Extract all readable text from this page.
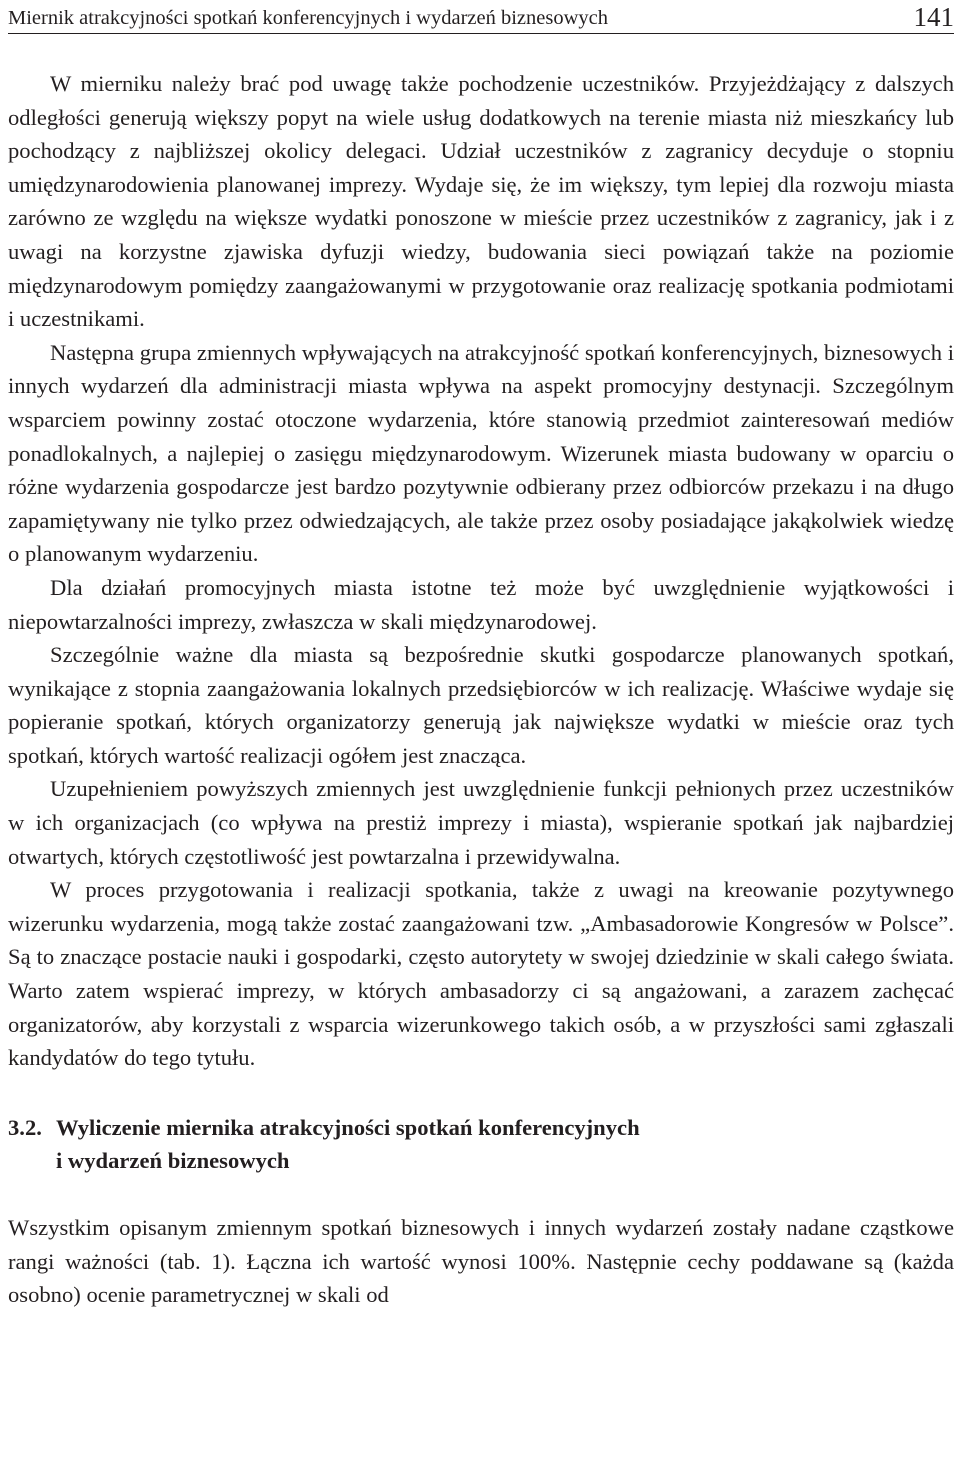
Miernik atrakcyjności spotkań konferencyjnych i wydarzeń biznesowych	141

W mierniku należy brać pod uwagę także pochodzenie uczestników. Przyjeżdżający z dalszych odległości generują większy popyt na wiele usług dodatkowych na terenie miasta niż mieszkańcy lub pochodzący z najbliższej okolicy delegaci. Udział uczestników z zagranicy decyduje o stopniu umiędzynarodowienia planowanej imprezy. Wydaje się, że im większy, tym lepiej dla rozwoju miasta zarówno ze względu na większe wydatki ponoszone w mieście przez uczestników z zagranicy, jak i z uwagi na korzystne zjawiska dyfuzji wiedzy, budowania sieci powiązań także na poziomie międzynarodowym pomiędzy zaangażowanymi w przygotowanie oraz realizację spotkania podmiotami i uczestnikami.

Następna grupa zmiennych wpływających na atrakcyjność spotkań konferencyjnych, biznesowych i innych wydarzeń dla administracji miasta wpływa na aspekt promocyjny destynacji. Szczególnym wsparciem powinny zostać otoczone wydarzenia, które stanowią przedmiot zainteresowań mediów ponadlokalnych, a najlepiej o zasięgu międzynarodowym. Wizerunek miasta budowany w oparciu o różne wydarzenia gospodarcze jest bardzo pozytywnie odbierany przez odbiorców przekazu i na długo zapamiętywany nie tylko przez odwiedzających, ale także przez osoby posiadające jakąkolwiek wiedzę o planowanym wydarzeniu.

Dla działań promocyjnych miasta istotne też może być uwzględnienie wyjątkowości i niepowtarzalności imprezy, zwłaszcza w skali międzynarodowej.

Szczególnie ważne dla miasta są bezpośrednie skutki gospodarcze planowanych spotkań, wynikające z stopnia zaangażowania lokalnych przedsiębiorców w ich realizację. Właściwe wydaje się popieranie spotkań, których organizatorzy generują jak największe wydatki w mieście oraz tych spotkań, których wartość realizacji ogółem jest znacząca.

Uzupełnieniem powyższych zmiennych jest uwzględnienie funkcji pełnionych przez uczestników w ich organizacjach (co wpływa na prestiż imprezy i miasta), wspieranie spotkań jak najbardziej otwartych, których częstotliwość jest powtarzalna i przewidywalna.

W proces przygotowania i realizacji spotkania, także z uwagi na kreowanie pozytywnego wizerunku wydarzenia, mogą także zostać zaangażowani tzw. „Ambasadorowie Kongresów w Polsce”. Są to znaczące postacie nauki i gospodarki, często autorytety w swojej dziedzinie w skali całego świata. Warto zatem wspierać imprezy, w których ambasadorzy ci są angażowani, a zarazem zachęcać organizatorów, aby korzystali z wsparcia wizerunkowego takich osób, a w przyszłości sami zgłaszali kandydatów do tego tytułu.

3.2. Wyliczenie miernika atrakcyjności spotkań konferencyjnych
i wydarzeń biznesowych

Wszystkim opisanym zmiennym spotkań biznesowych i innych wydarzeń zostały nadane cząstkowe rangi ważności (tab. 1). Łączna ich wartość wynosi 100%. Następnie cechy poddawane są (każda osobno) ocenie parametrycznej w skali od
